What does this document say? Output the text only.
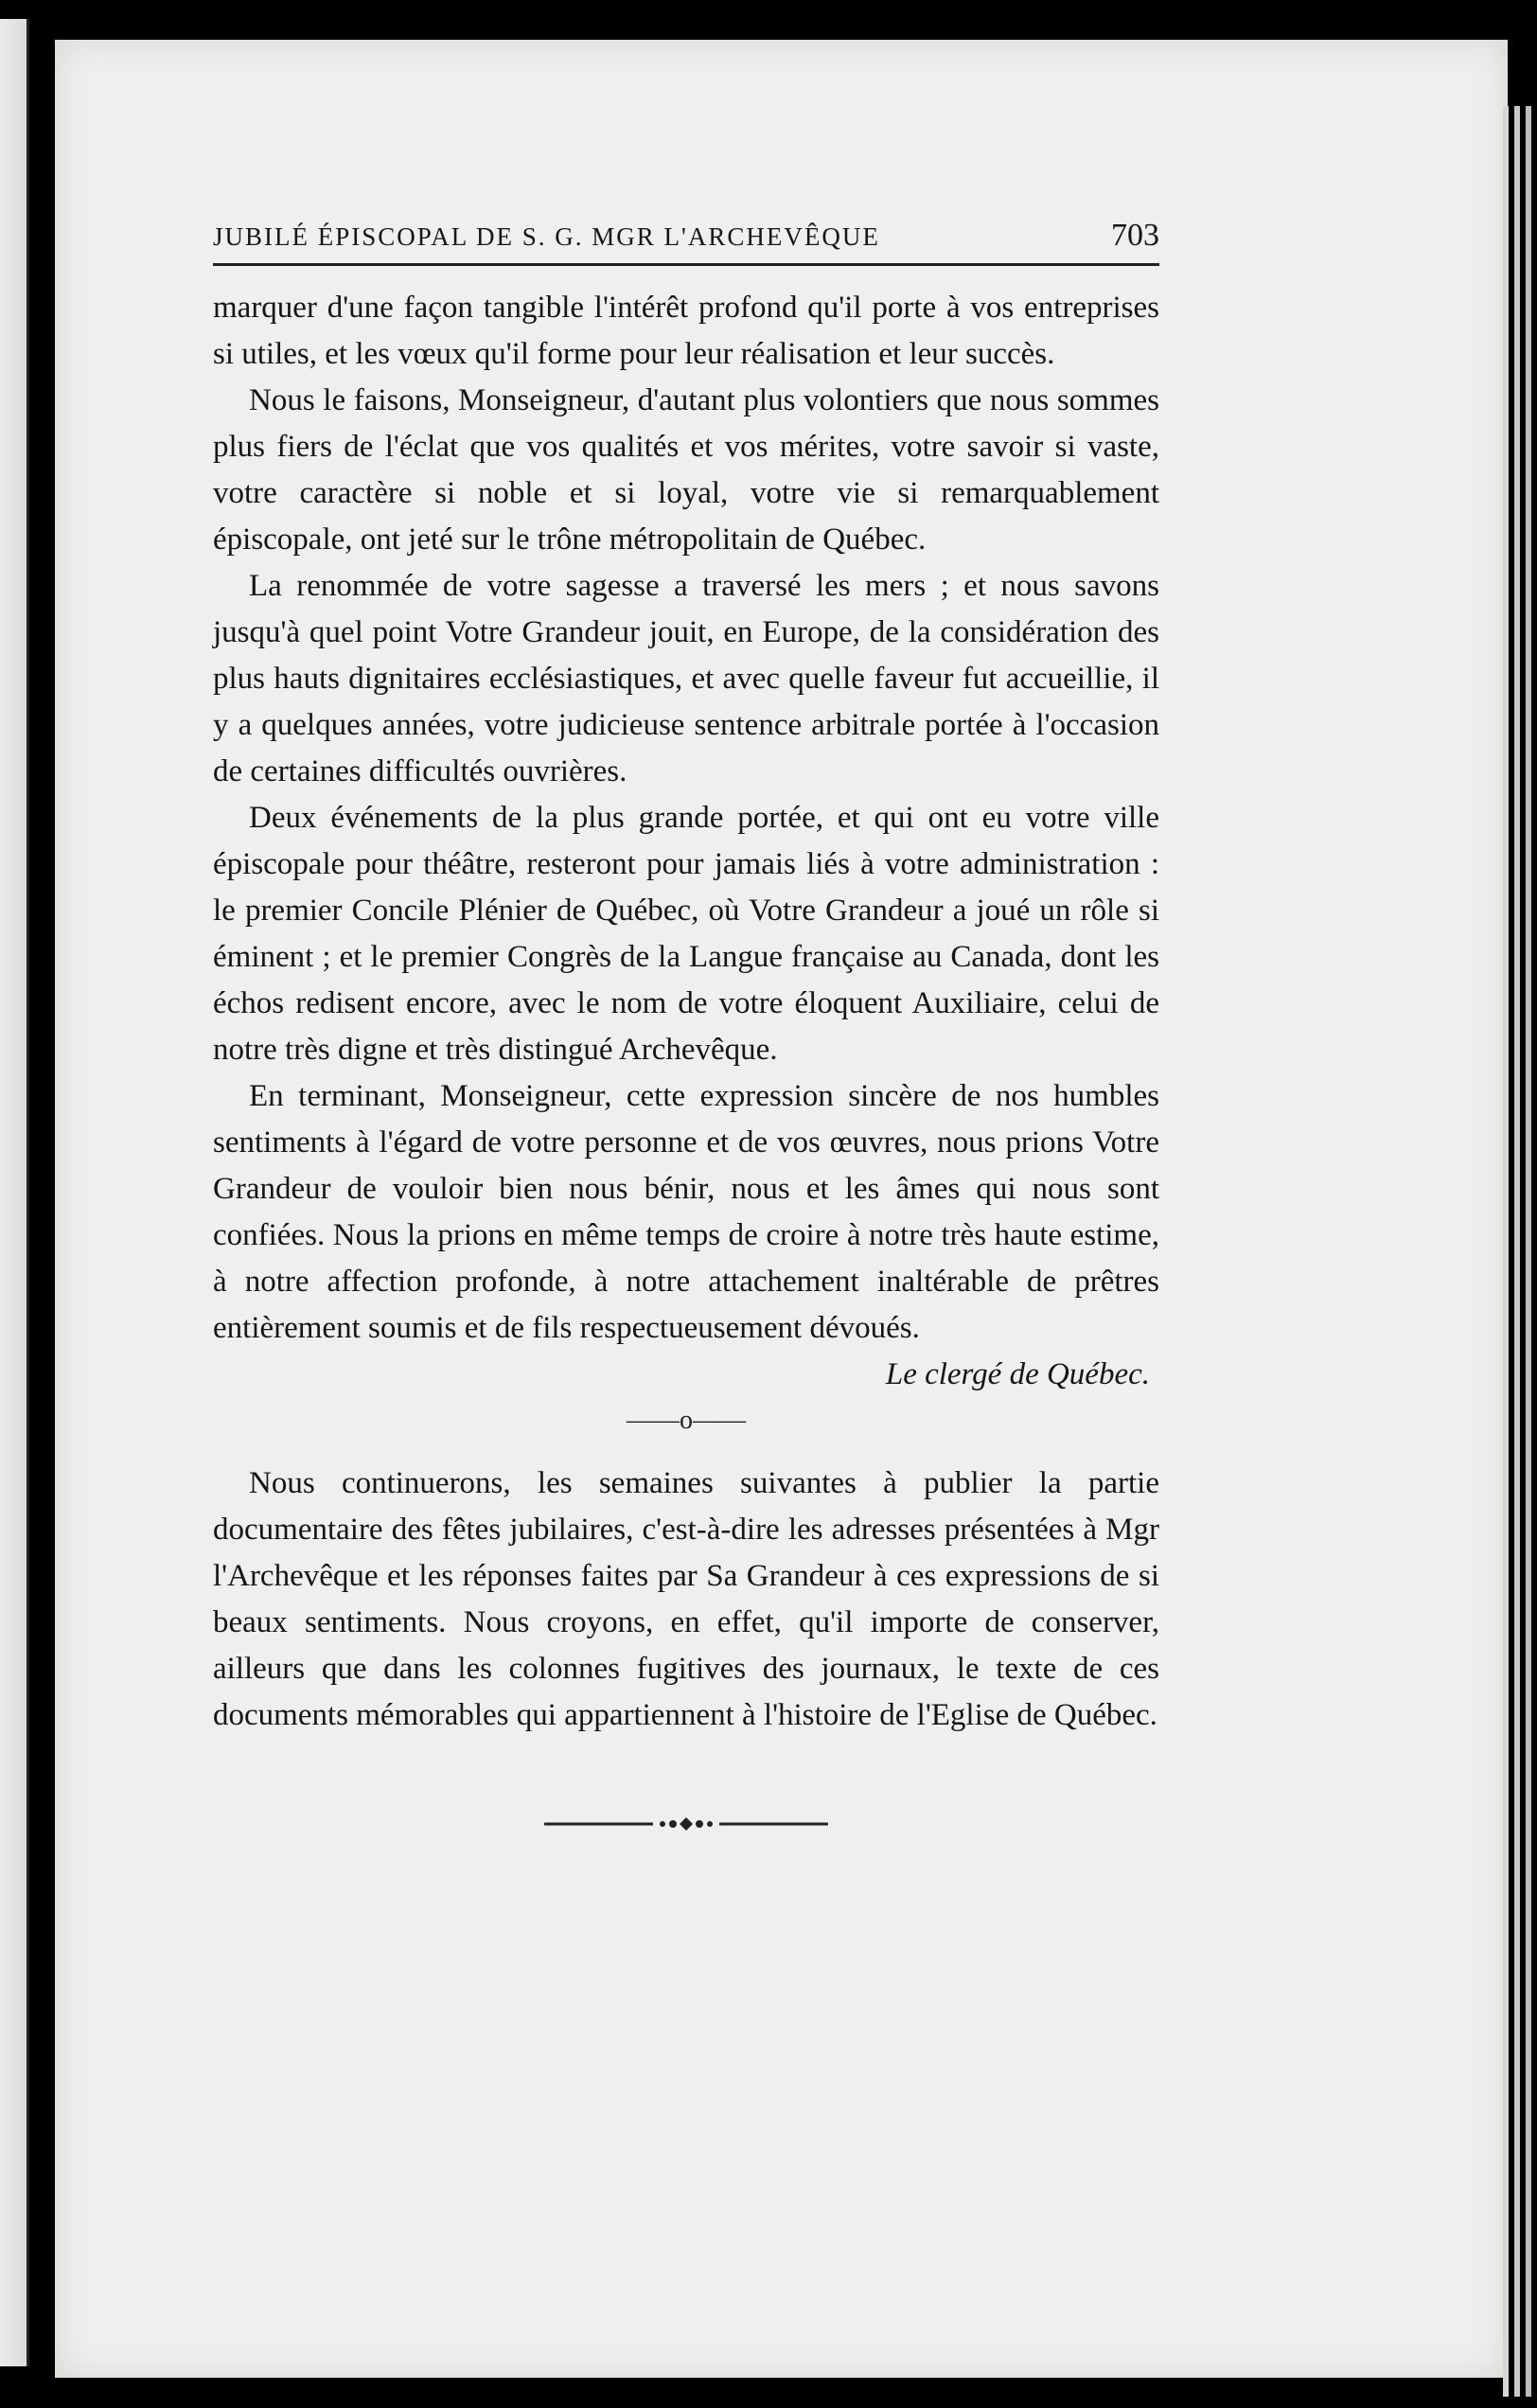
JUBILÉ ÉPISCOPAL DE S. G. MGR L'ARCHEVÊQUE	703

marquer d'une façon tangible l'intérêt profond qu'il porte à vos entreprises si utiles, et les vœux qu'il forme pour leur réalisation et leur succès.

Nous le faisons, Monseigneur, d'autant plus volontiers que nous sommes plus fiers de l'éclat que vos qualités et vos mérites, votre savoir si vaste, votre caractère si noble et si loyal, votre vie si remarquablement épiscopale, ont jeté sur le trône métropolitain de Québec.

La renommée de votre sagesse a traversé les mers ; et nous savons jusqu'à quel point Votre Grandeur jouit, en Europe, de la considération des plus hauts dignitaires ecclésiastiques, et avec quelle faveur fut accueillie, il y a quelques années, votre judicieuse sentence arbitrale portée à l'occasion de certaines difficultés ouvrières.

Deux événements de la plus grande portée, et qui ont eu votre ville épiscopale pour théâtre, resteront pour jamais liés à votre administration : le premier Concile Plénier de Québec, où Votre Grandeur a joué un rôle si éminent ; et le premier Congrès de la Langue française au Canada, dont les échos redisent encore, avec le nom de votre éloquent Auxiliaire, celui de notre très digne et très distingué Archevêque.

En terminant, Monseigneur, cette expression sincère de nos humbles sentiments à l'égard de votre personne et de vos œuvres, nous prions Votre Grandeur de vouloir bien nous bénir, nous et les âmes qui nous sont confiées. Nous la prions en même temps de croire à notre très haute estime, à notre affection profonde, à notre attachement inaltérable de prêtres entièrement soumis et de fils respectueusement dévoués.

Le clergé de Québec.
——o——

Nous continuerons, les semaines suivantes à publier la partie documentaire des fêtes jubilaires, c'est-à-dire les adresses présentées à Mgr l'Archevêque et les réponses faites par Sa Grandeur à ces expressions de si beaux sentiments. Nous croyons, en effet, qu'il importe de conserver, ailleurs que dans les colonnes fugitives des journaux, le texte de ces documents mémorables qui appartiennent à l'histoire de l'Eglise de Québec.
